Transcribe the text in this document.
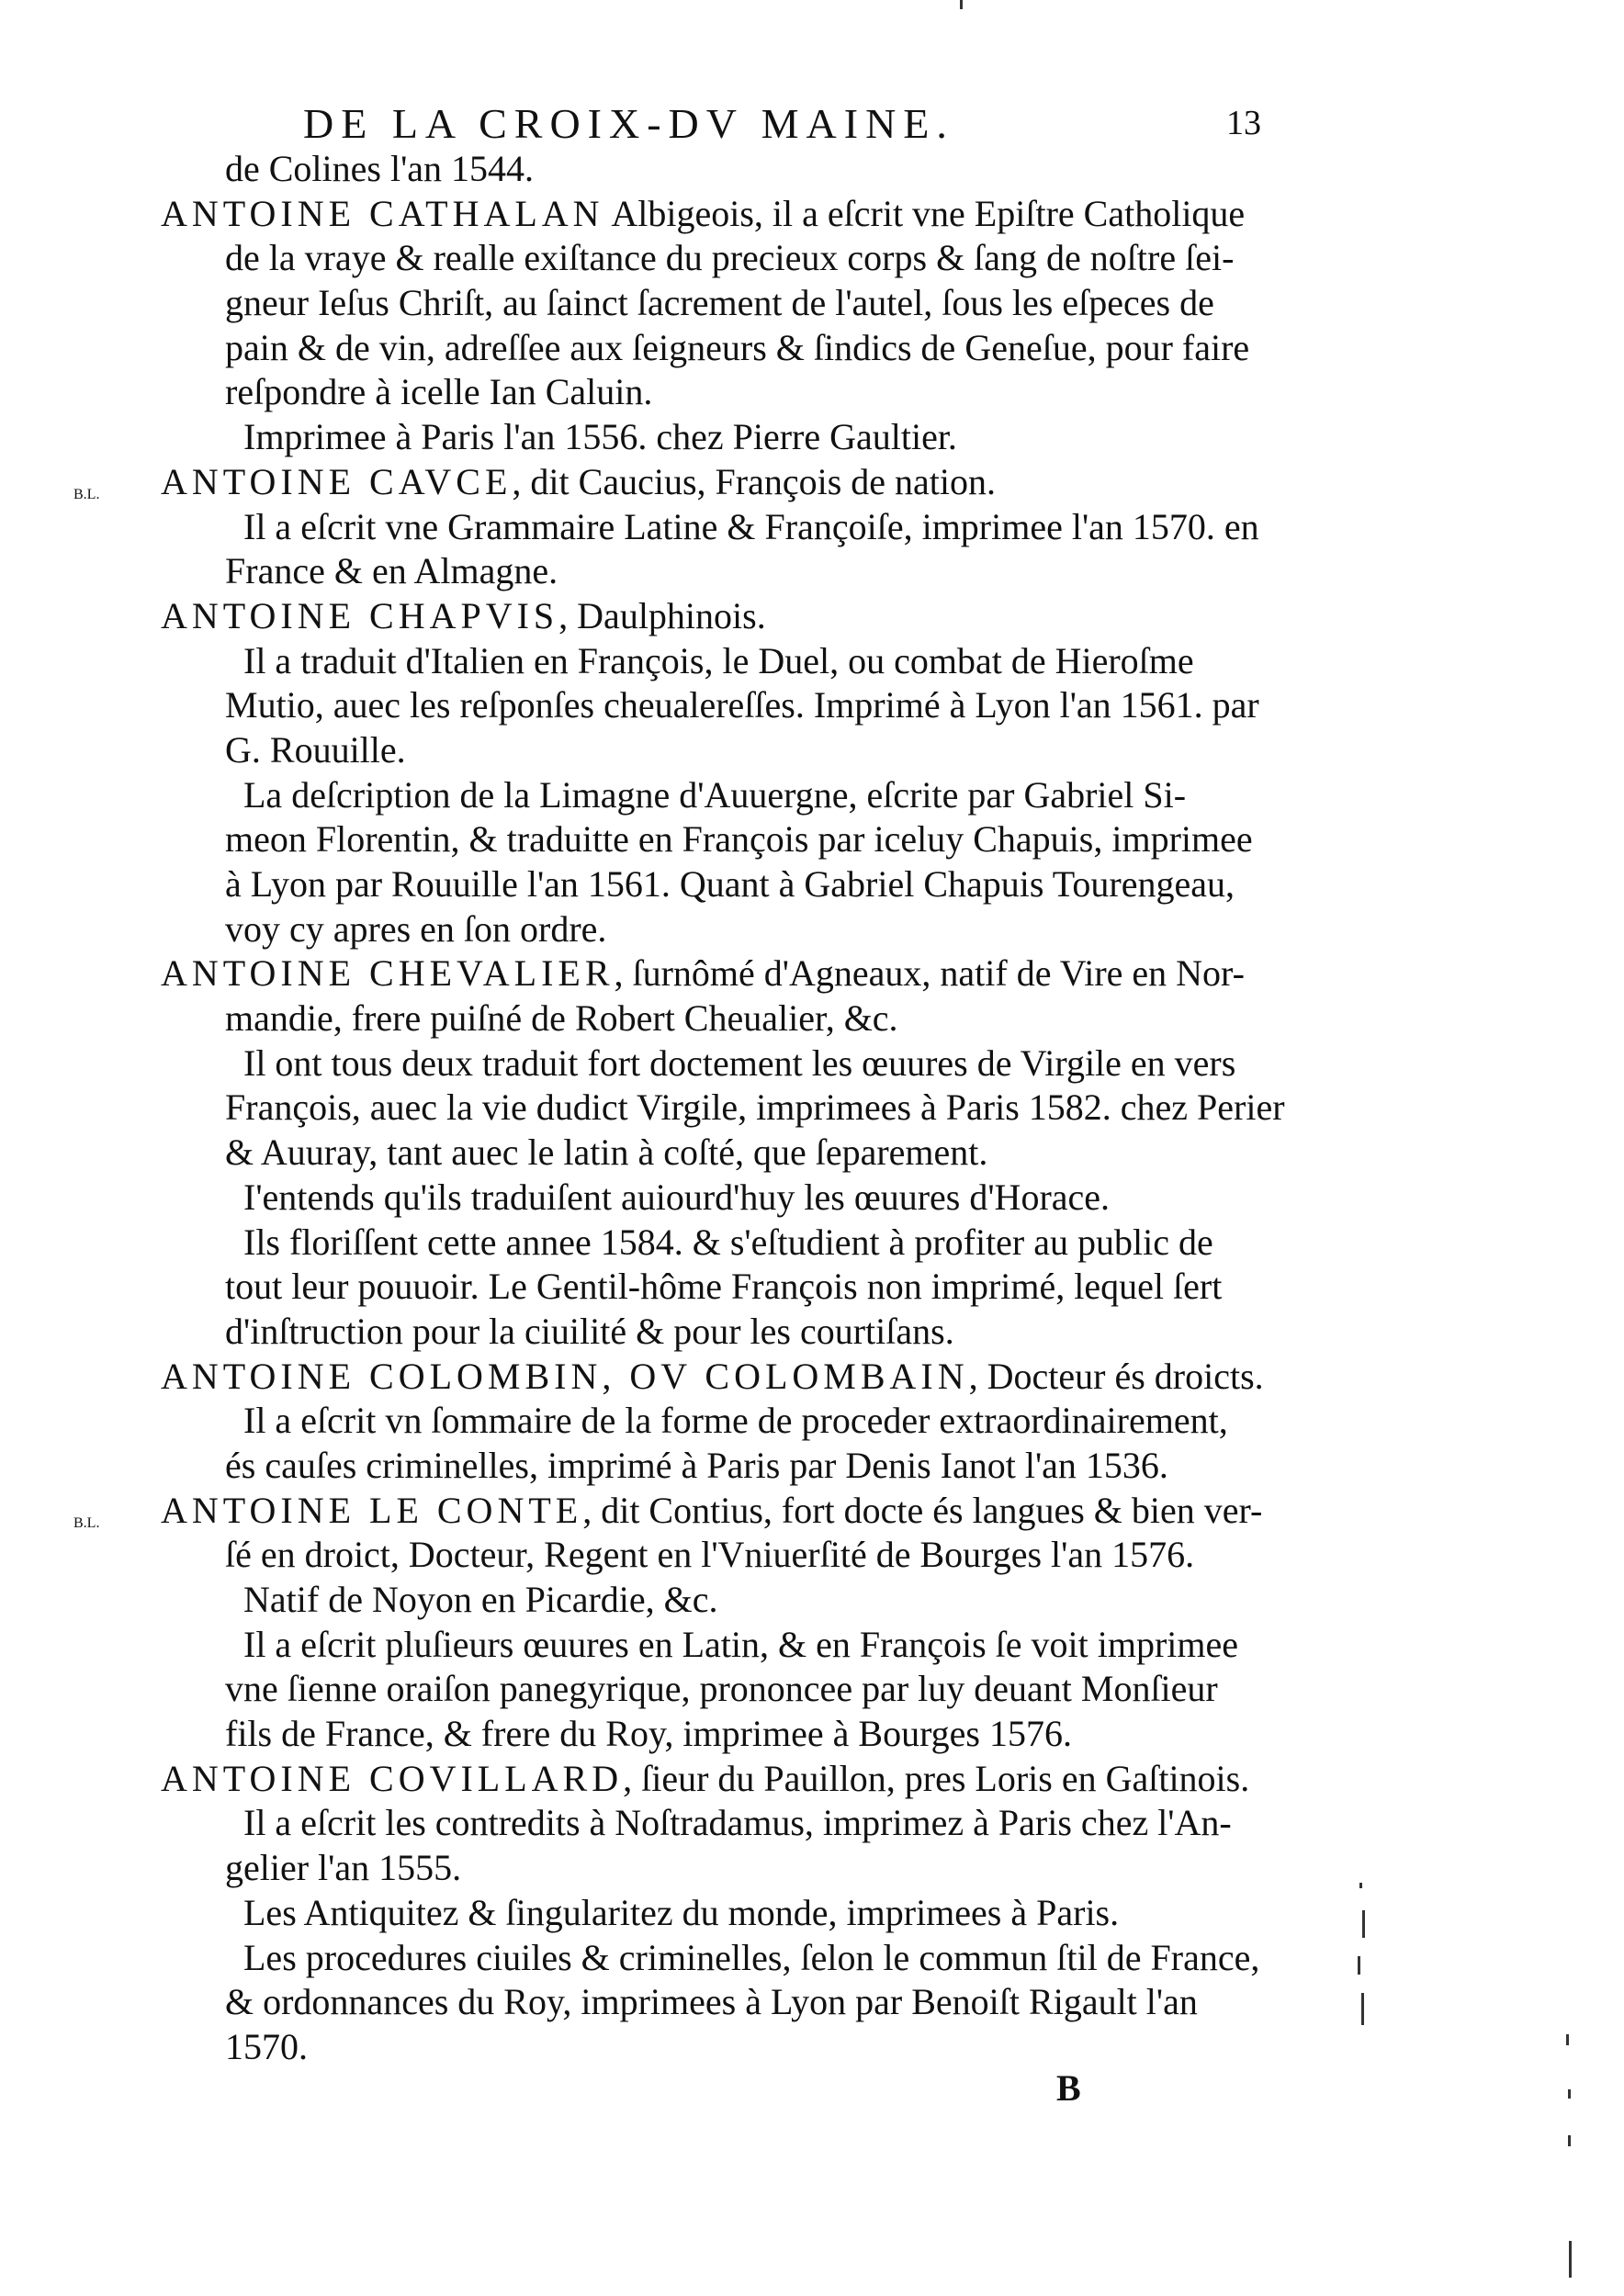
DE LA CROIX-DV MAINE.	13
de Colines l'an 1544.
ANTOINE CATHALAN Albigeois, il a eſcrit vne Epiſtre Catholique
de la vraye & realle exiſtance du precieux corps & ſang de noſtre ſei-
gneur Ieſus Chriſt, au ſainct ſacrement de l'autel, ſous les eſpeces de
pain & de vin, adreſſee aux ſeigneurs & ſindics de Geneſue, pour faire
reſpondre à icelle Ian Caluin.
Imprimee à Paris l'an 1556. chez Pierre Gaultier.
B.L. ANTOINE CAVCE, dit Caucius, François de nation.
Il a eſcrit vne Grammaire Latine & Françoiſe, imprimee l'an 1570. en
France & en Almagne.
ANTOINE CHAPVIS, Daulphinois.
Il a traduit d'Italien en François, le Duel, ou combat de Hieroſme
Mutio, auec les reſponſes cheualereſſes. Imprimé à Lyon l'an 1561. par
G. Rouuille.
La deſcription de la Limagne d'Auuergne, eſcrite par Gabriel Si-
meon Florentin, & traduitte en François par iceluy Chapuis, imprimee
à Lyon par Rouuille l'an 1561. Quant à Gabriel Chapuis Tourengeau,
voy cy apres en ſon ordre.
ANTOINE CHEVALIER, ſurnômé d'Agneaux, natif de Vire en Nor-
mandie, frere puiſné de Robert Cheualier, &c.
Il ont tous deux traduit fort doctement les œuures de Virgile en vers
François, auec la vie dudict Virgile, imprimees à Paris 1582. chez Perier
& Auuray, tant auec le latin à coſté, que ſeparement.
I'entends qu'ils traduiſent auiourd'huy les œuures d'Horace.
Ils floriſſent cette annee 1584. & s'eſtudient à profiter au public de
tout leur pouuoir. Le Gentil-hôme François non imprimé, lequel ſert
d'inſtruction pour la ciuilité & pour les courtiſans.
ANTOINE COLOMBIN, OV COLOMBAIN, Docteur és droicts.
Il a eſcrit vn ſommaire de la forme de proceder extraordinairement,
és cauſes criminelles, imprimé à Paris par Denis Ianot l'an 1536.
B.L. ANTOINE LE CONTE, dit Contius, fort docte és langues & bien ver-
ſé en droict, Docteur, Regent en l'Vniuerſité de Bourges l'an 1576.
Natif de Noyon en Picardie, &c.
Il a eſcrit pluſieurs œuures en Latin, & en François ſe voit imprimee
vne ſienne oraiſon panegyrique, prononcee par luy deuant Monſieur
fils de France, & frere du Roy, imprimee à Bourges 1576.
ANTOINE COVILLARD, ſieur du Pauillon, pres Loris en Gaſtinois.
Il a eſcrit les contredits à Noſtradamus, imprimez à Paris chez l'An-
gelier l'an 1555.
Les Antiquitez & ſingularitez du monde, imprimees à Paris.
Les procedures ciuiles & criminelles, ſelon le commun ſtil de France,
& ordonnances du Roy, imprimees à Lyon par Benoiſt Rigault l'an
1570.
B
